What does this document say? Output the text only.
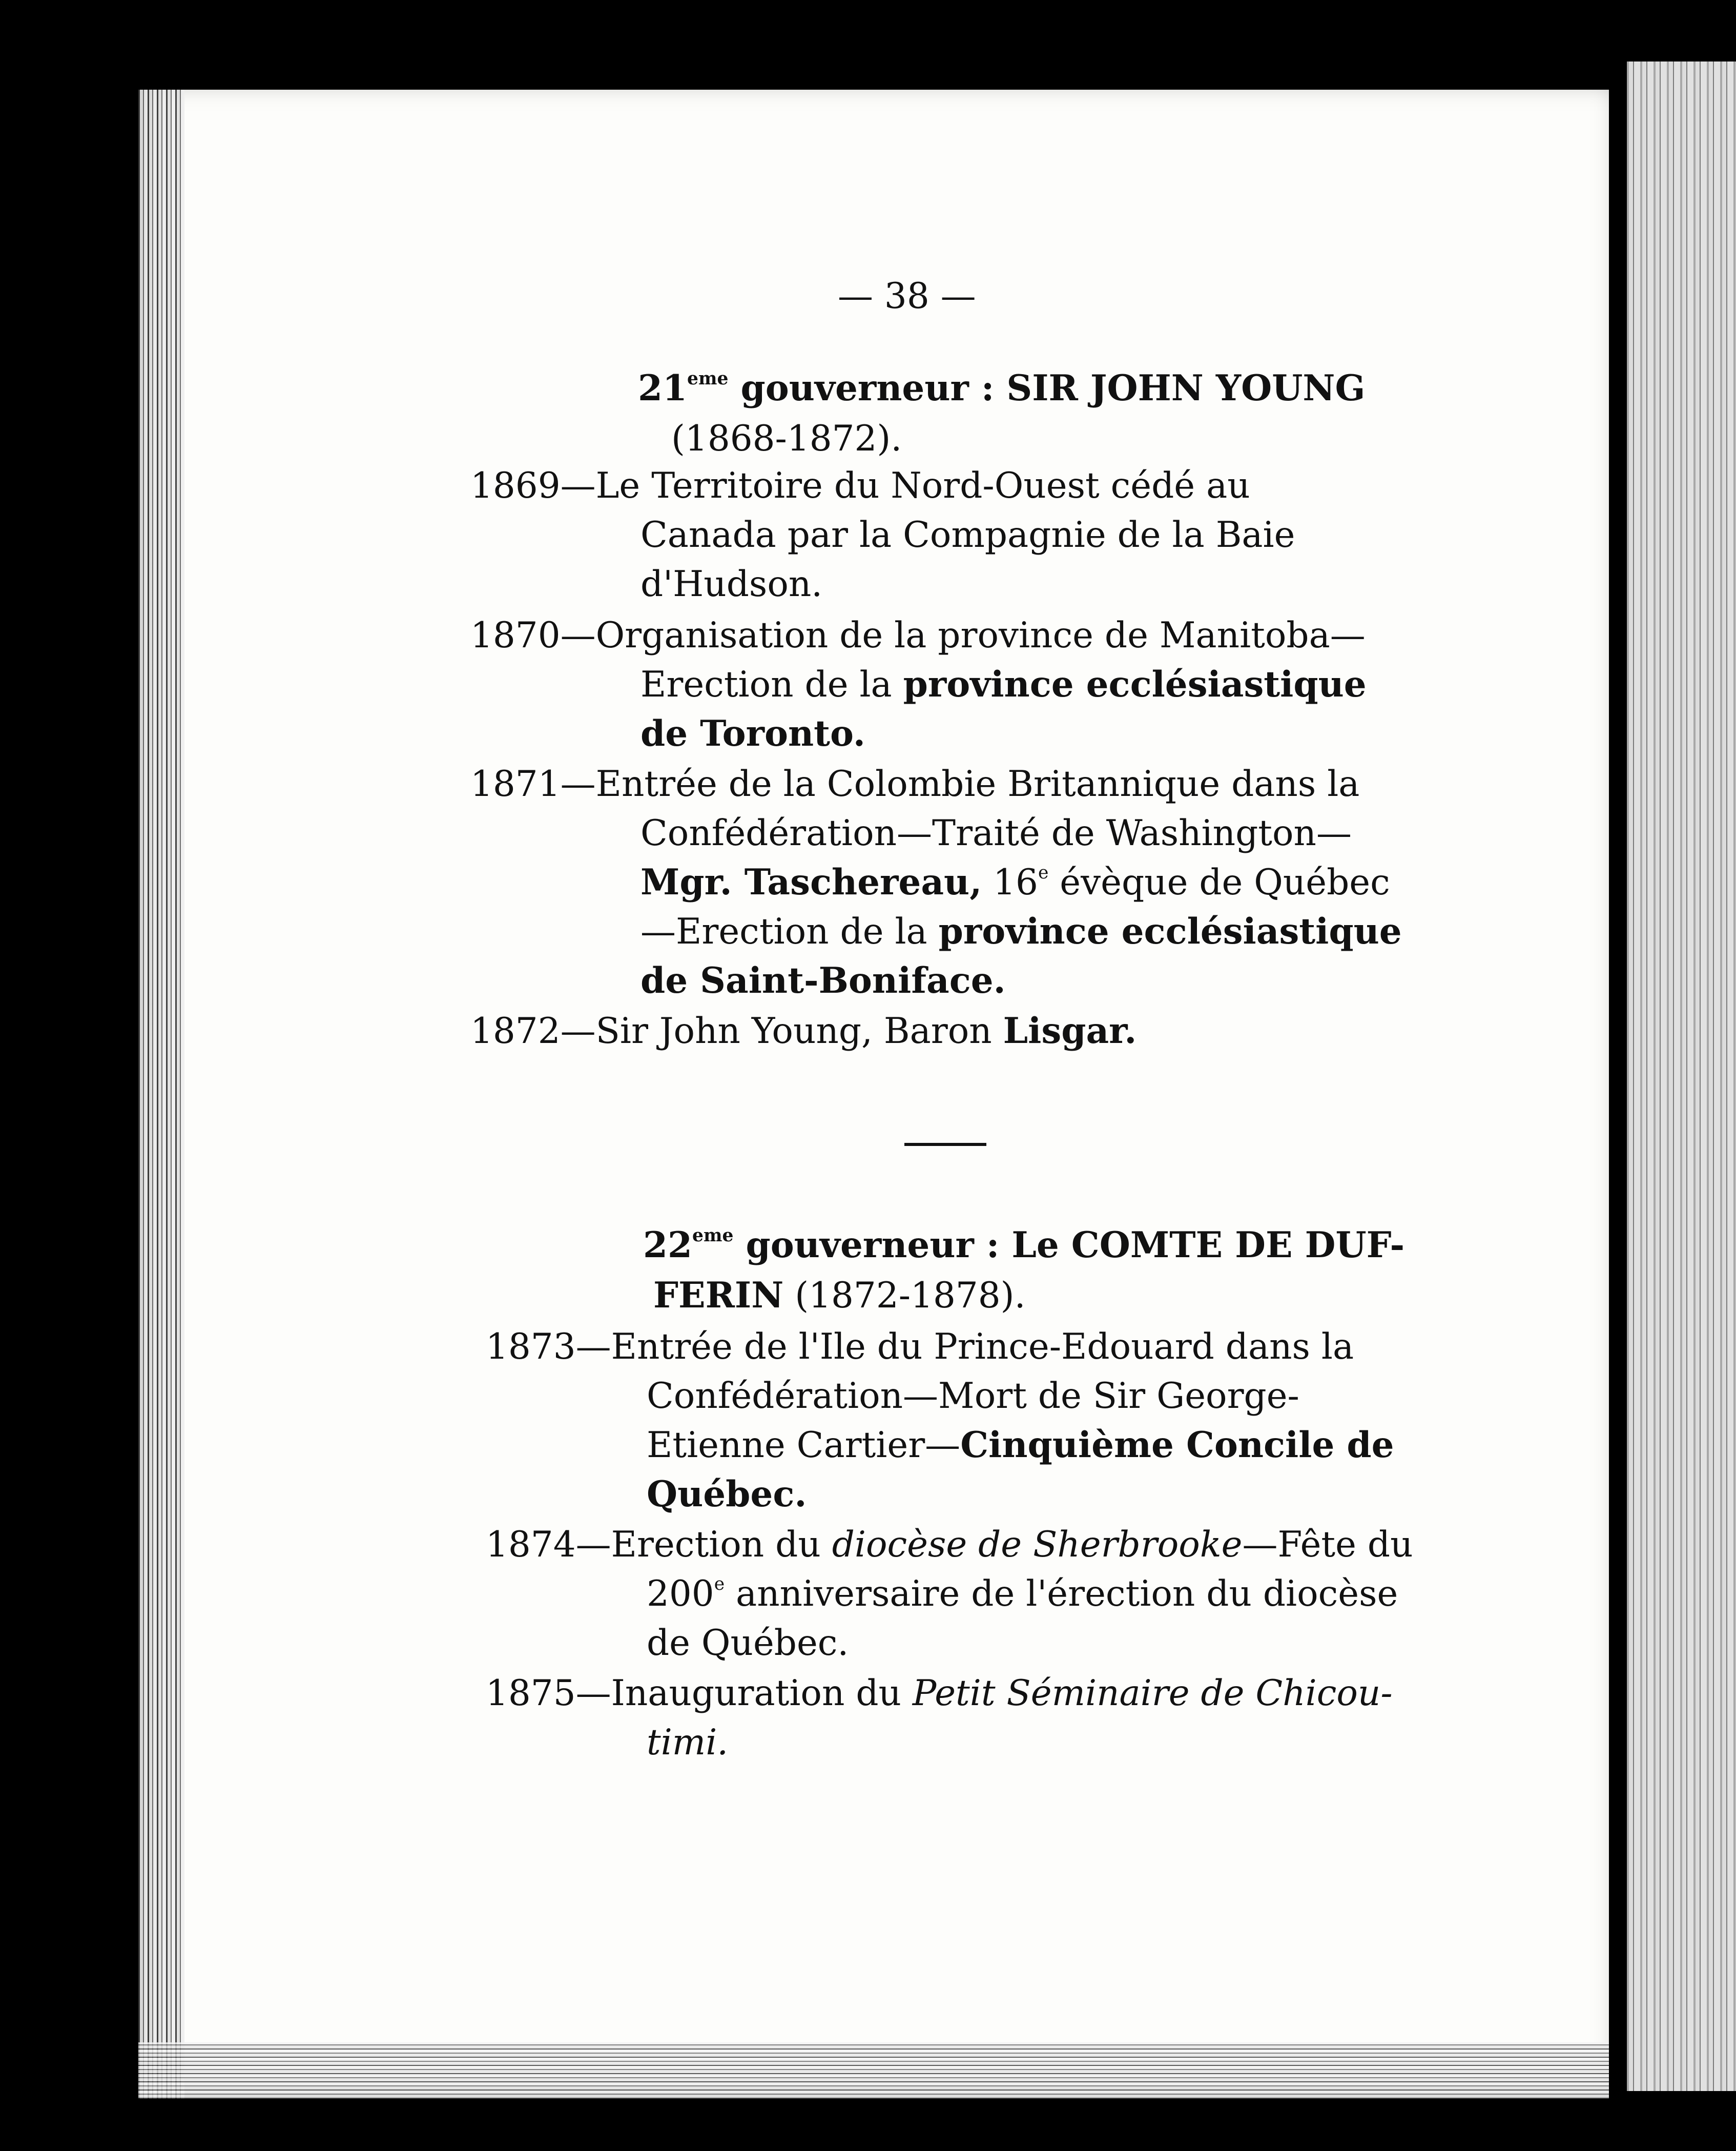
— 38 —
21eme gouverneur : SIR JOHN YOUNG
(1868-1872).
1869—Le Territoire du Nord-Ouest cédé au
Canada par la Compagnie de la Baie
d'Hudson.
1870—Organisation de la province de Manitoba—
Erection de la province ecclésiastique
de Toronto.
1871—Entrée de la Colombie Britannique dans la
Confédération—Traité de Washington—
Mgr. Taschereau, 16e évèque de Québec
—Erection de la province ecclésiastique
de Saint-Boniface.
1872—Sir John Young, Baron Lisgar.
22eme gouverneur : Le COMTE DE DUF-
FERIN (1872-1878).
1873—Entrée de l'Ile du Prince-Edouard dans la
Confédération—Mort de Sir George-
Etienne Cartier—Cinquième Concile de
Québec.
1874—Erection du diocèse de Sherbrooke—Fête du
200e anniversaire de l'érection du diocèse
de Québec.
1875—Inauguration du Petit Séminaire de Chicou-
timi.
